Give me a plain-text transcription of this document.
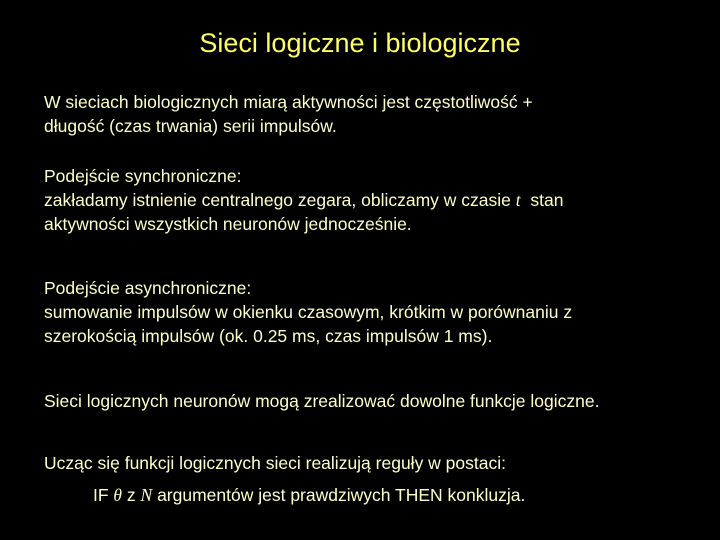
Sieci logiczne i biologiczne
W sieciach biologicznych miarą aktywności jest częstotliwość +
długość (czas trwania) serii impulsów.
Podejście synchroniczne:
zakładamy istnienie centralnego zegara, obliczamy w czasie t  stan
aktywności wszystkich neuronów jednocześnie.
Podejście asynchroniczne:
sumowanie impulsów w okienku czasowym, krótkim w porównaniu z
szerokością impulsów (ok. 0.25 ms, czas impulsów 1 ms).
Sieci logicznych neuronów mogą zrealizować dowolne funkcje logiczne.
Ucząc się funkcji logicznych sieci realizują reguły w postaci:
IF θ z N argumentów jest prawdziwych THEN konkluzja.
